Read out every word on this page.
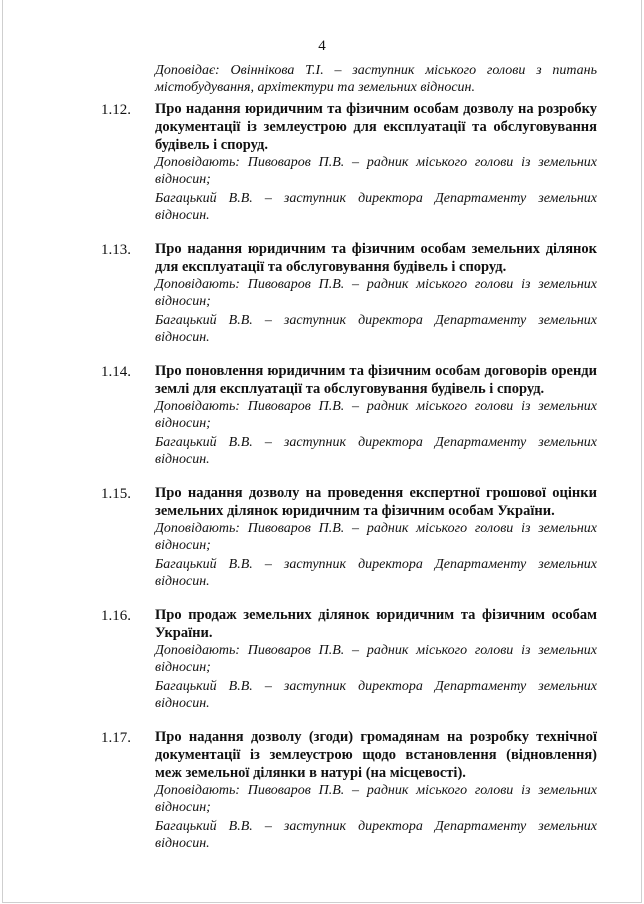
4
Доповідає: Овіннікова Т.І. – заступник міського голови з питань містобудування, архітектури та земельних відносин.
1.12. Про надання юридичним та фізичним особам дозволу на розробку документації із землеустрою для експлуатації та обслуговування будівель і споруд.
Доповідають: Пивоваров П.В. – радник міського голови із земельних відносин;
Багацький В.В. – заступник директора Департаменту земельних відносин.
1.13. Про надання юридичним та фізичним особам земельних ділянок для експлуатації та обслуговування будівель і споруд.
Доповідають: Пивоваров П.В. – радник міського голови із земельних відносин;
Багацький В.В. – заступник директора Департаменту земельних відносин.
1.14. Про поновлення юридичним та фізичним особам договорів оренди землі для експлуатації та обслуговування будівель і споруд.
Доповідають: Пивоваров П.В. – радник міського голови із земельних відносин;
Багацький В.В. – заступник директора Департаменту земельних відносин.
1.15. Про надання дозволу на проведення експертної грошової оцінки земельних ділянок юридичним та фізичним особам України.
Доповідають: Пивоваров П.В. – радник міського голови із земельних відносин;
Багацький В.В. – заступник директора Департаменту земельних відносин.
1.16. Про продаж земельних ділянок юридичним та фізичним особам України.
Доповідають: Пивоваров П.В. – радник міського голови із земельних відносин;
Багацький В.В. – заступник директора Департаменту земельних відносин.
1.17. Про надання дозволу (згоди) громадянам на розробку технічної документації із землеустрою щодо встановлення (відновлення) меж земельної ділянки в натурі (на місцевості).
Доповідають: Пивоваров П.В. – радник міського голови із земельних відносин;
Багацький В.В. – заступник директора Департаменту земельних відносин.
